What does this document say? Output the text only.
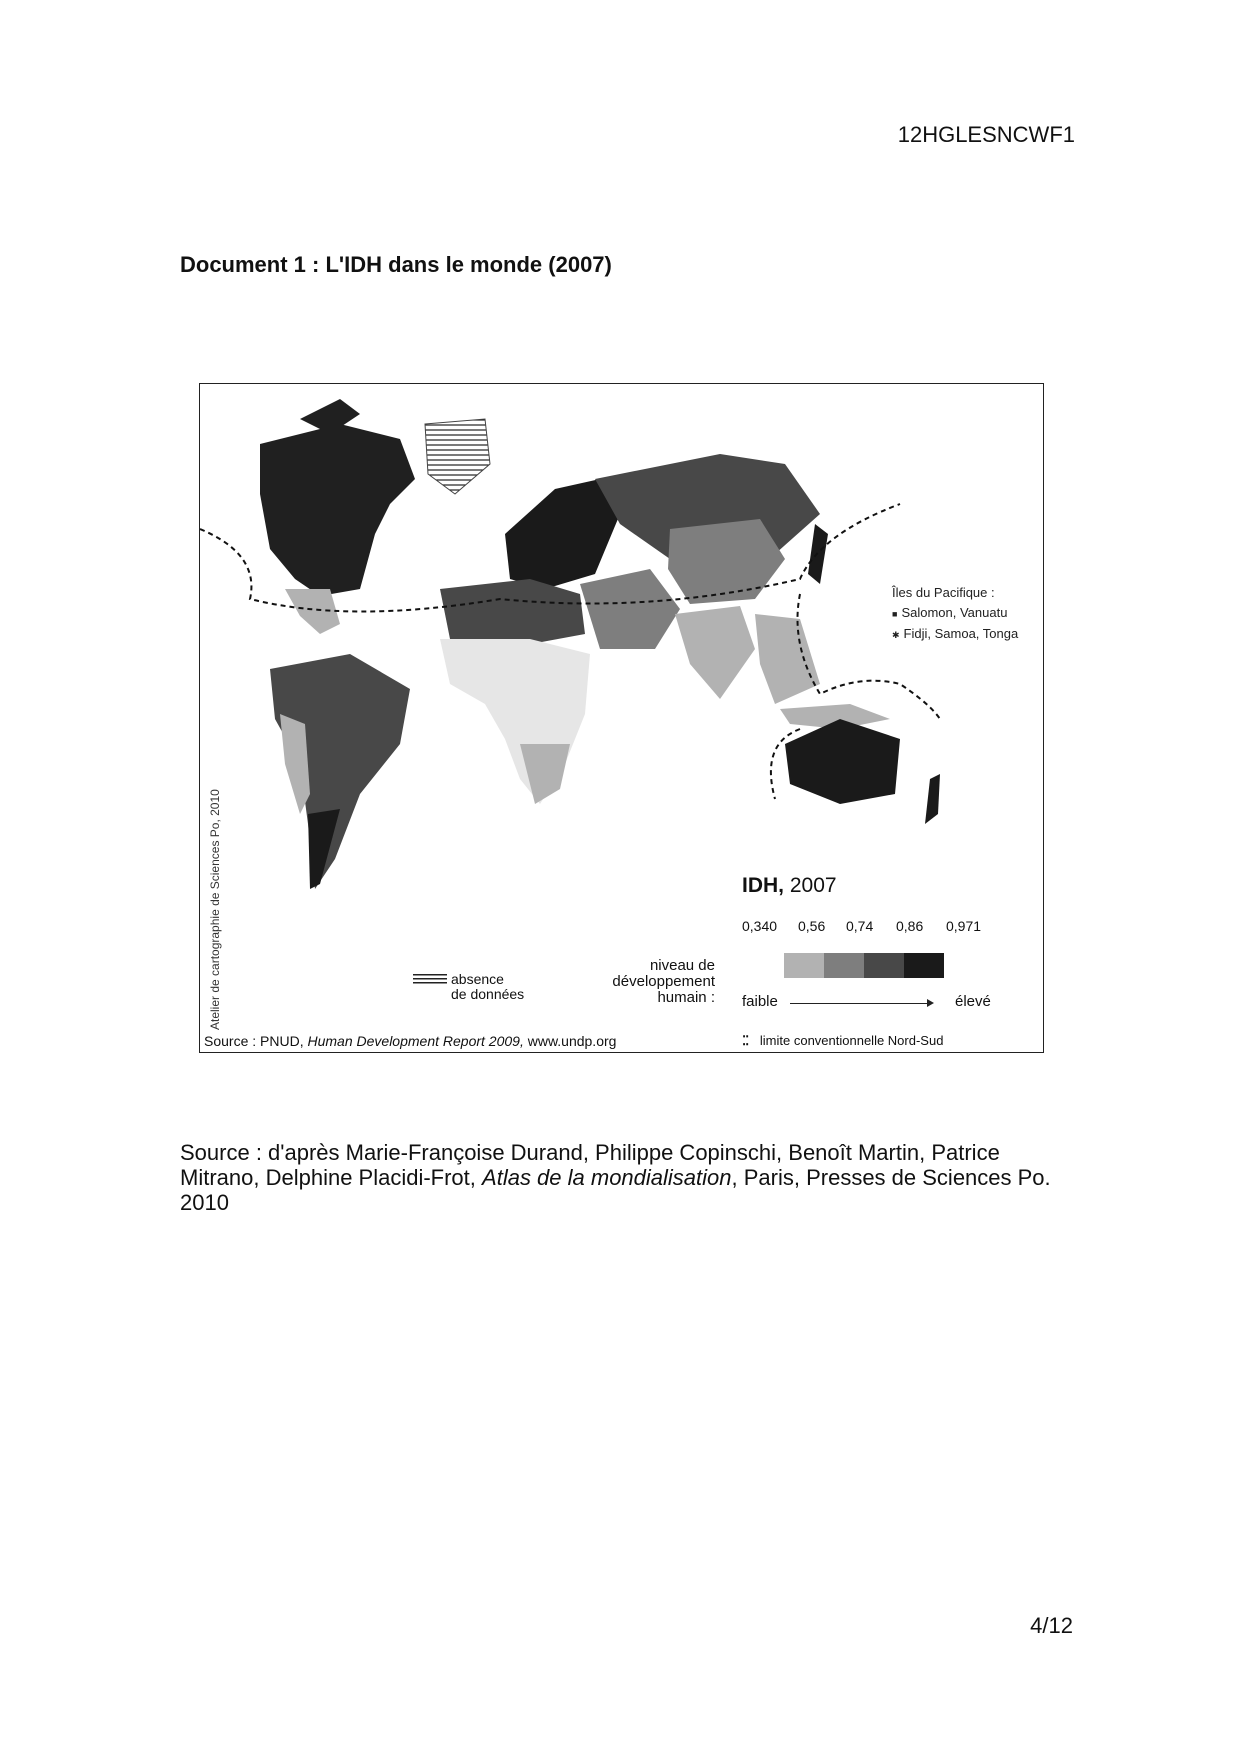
12HGLESNCWF1
Document 1 : L'IDH dans le monde (2007)
Source : PNUD, Human Development Report 2009, www.undp.org
Atelier de cartographie de Sciences Po, 2010
Îles du Pacifique :
■ Salomon, Vanuatu
✱ Fidji, Samoa, Tonga
IDH, 2007
0,340 0,56 0,74 0,86 0,971
niveau de développement humain : faible	élevé
absence
de données
⁚⁚ limite conventionnelle Nord-Sud
Source : d'après Marie-Françoise Durand, Philippe Copinschi, Benoît Martin, Patrice Mitrano, Delphine Placidi-Frot, Atlas de la mondialisation, Paris, Presses de Sciences Po. 2010
4/12
